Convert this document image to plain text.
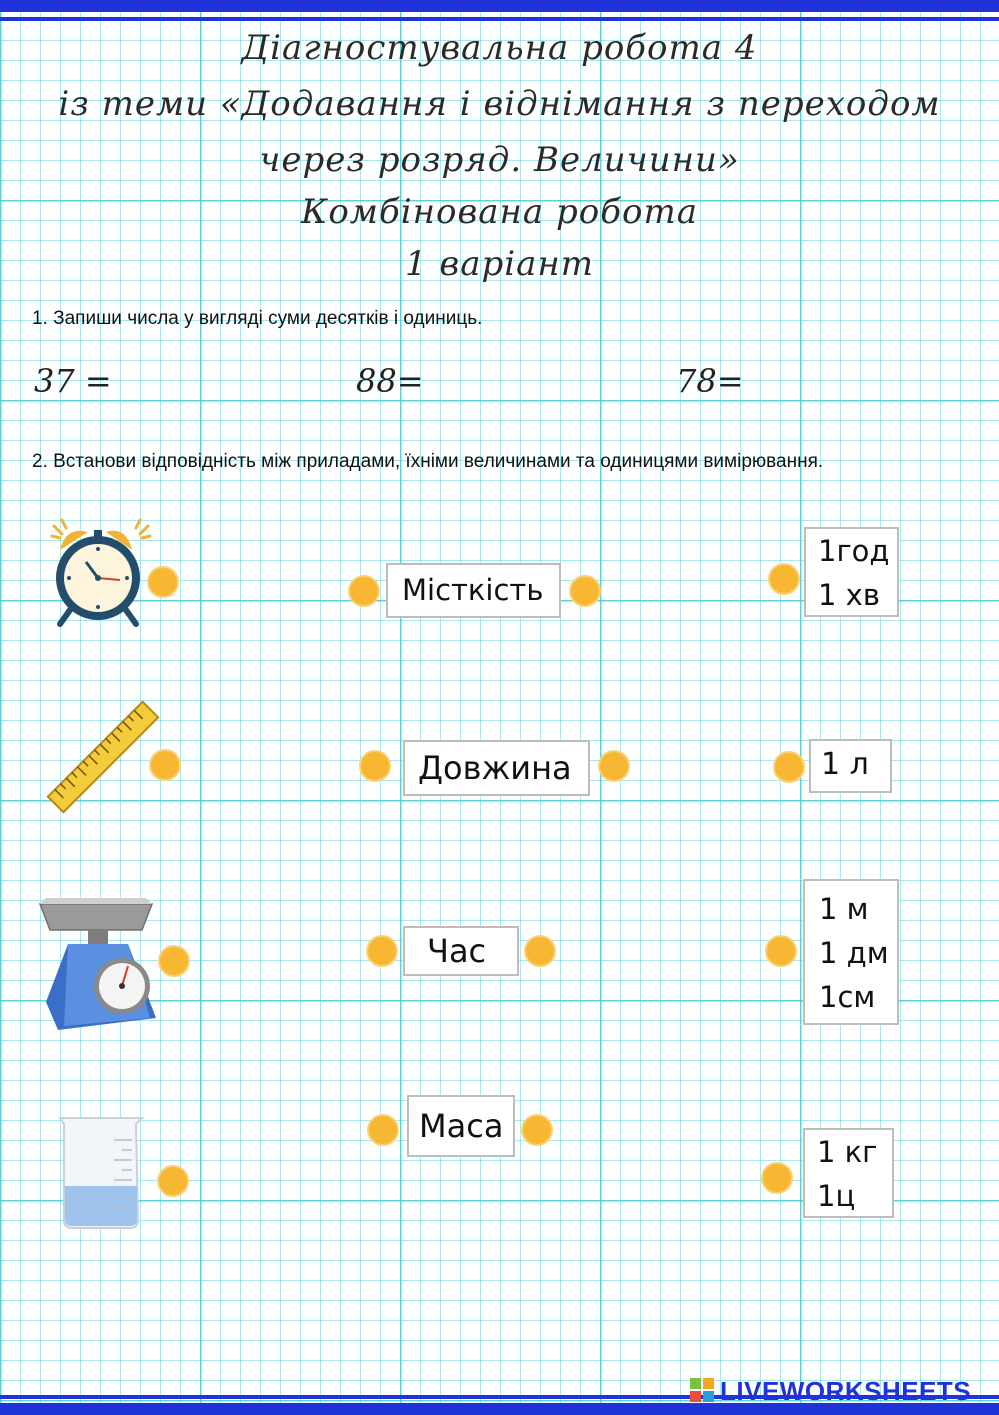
Діагностувальна робота 4
із теми «Додавання і віднімання з переходом
через розряд. Величини»
Комбінована робота
1 варіант
1. Запиши числа у вигляді суми десятків і одиниць.
37 =	88=	78=
2. Встанови відповідність між приладами, їхніми величинами та одиницями вимірювання.
Місткість
Довжина
Час
Маса
1год
1 хв
1 л
1 м
1 дм
1см
1 кг
1ц
LIVEWORKSHEETS
